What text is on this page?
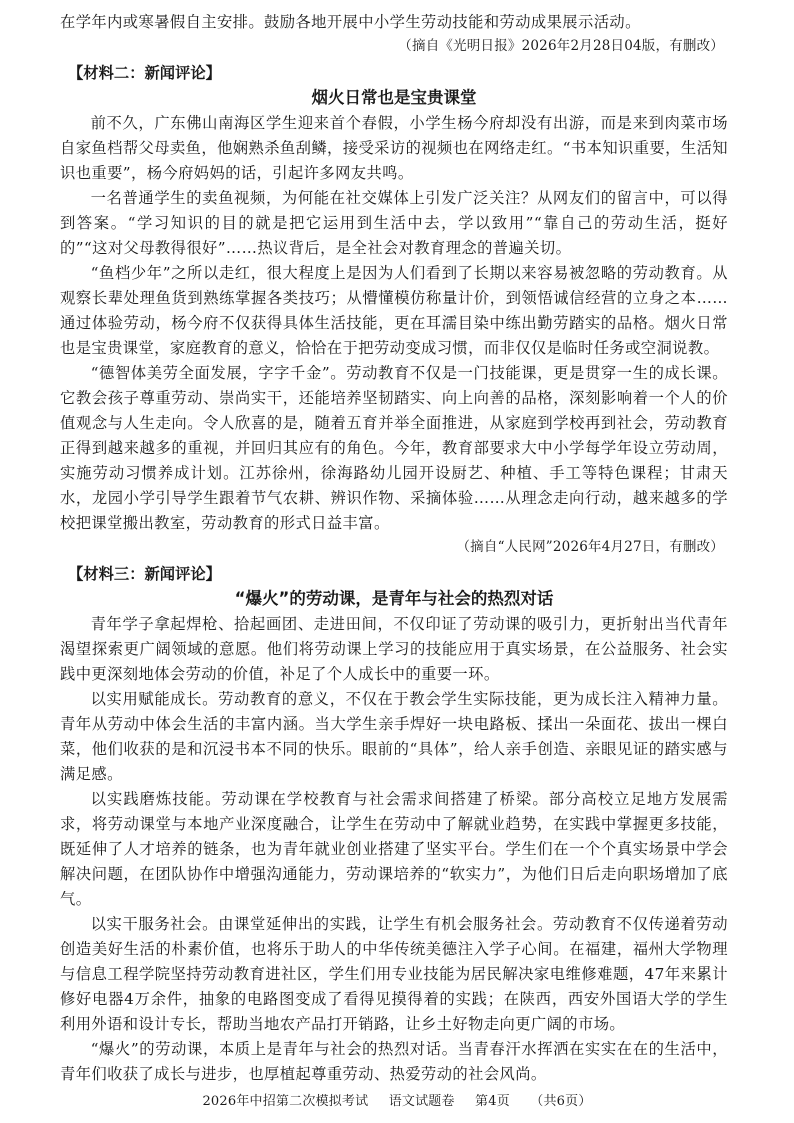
在学年内或寒暑假自主安排。鼓励各地开展中小学生劳动技能和劳动成果展示活动。

（摘自《光明日报》2026年2月28日04版，有删改）

【材料二：新闻评论】
烟火日常也是宝贵课堂

前不久，广东佛山南海区学生迎来首个春假，小学生杨今府却没有出游，而是来到肉菜市场自家鱼档帮父母卖鱼，他娴熟杀鱼刮鳞，接受采访的视频也在网络走红。“书本知识重要，生活知识也重要”，杨今府妈妈的话，引起许多网友共鸣。

一名普通学生的卖鱼视频，为何能在社交媒体上引发广泛关注？从网友们的留言中，可以得到答案。“学习知识的目的就是把它运用到生活中去，学以致用”“靠自己的劳动生活，挺好的”“这对父母教得很好”……热议背后，是全社会对教育理念的普遍关切。

“鱼档少年”之所以走红，很大程度上是因为人们看到了长期以来容易被忽略的劳动教育。从观察长辈处理鱼货到熟练掌握各类技巧；从懵懂模仿称量计价，到领悟诚信经营的立身之本……通过体验劳动，杨今府不仅获得具体生活技能，更在耳濡目染中练出勤劳踏实的品格。烟火日常也是宝贵课堂，家庭教育的意义，恰恰在于把劳动变成习惯，而非仅仅是临时任务或空洞说教。

“德智体美劳全面发展，字字千金”。劳动教育不仅是一门技能课，更是贯穿一生的成长课。它教会孩子尊重劳动、崇尚实干，还能培养坚韧踏实、向上向善的品格，深刻影响着一个人的价值观念与人生走向。令人欣喜的是，随着五育并举全面推进，从家庭到学校再到社会，劳动教育正得到越来越多的重视，并回归其应有的角色。今年，教育部要求大中小学每学年设立劳动周，实施劳动习惯养成计划。江苏徐州，徐海路幼儿园开设厨艺、种植、手工等特色课程；甘肃天水，龙园小学引导学生跟着节气农耕、辨识作物、采摘体验……从理念走向行动，越来越多的学校把课堂搬出教室，劳动教育的形式日益丰富。

（摘自“人民网”2026年4月27日，有删改）

【材料三：新闻评论】
“爆火”的劳动课，是青年与社会的热烈对话

青年学子拿起焊枪、拾起画团、走进田间，不仅印证了劳动课的吸引力，更折射出当代青年渴望探索更广阔领域的意愿。他们将劳动课上学习的技能应用于真实场景，在公益服务、社会实践中更深刻地体会劳动的价值，补足了个人成长中的重要一环。

以实用赋能成长。劳动教育的意义，不仅在于教会学生实际技能，更为成长注入精神力量。青年从劳动中体会生活的丰富内涵。当大学生亲手焊好一块电路板、揉出一朵面花、拔出一棵白菜，他们收获的是和沉浸书本不同的快乐。眼前的“具体”，给人亲手创造、亲眼见证的踏实感与满足感。

以实践磨炼技能。劳动课在学校教育与社会需求间搭建了桥梁。部分高校立足地方发展需求，将劳动课堂与本地产业深度融合，让学生在劳动中了解就业趋势，在实践中掌握更多技能，既延伸了人才培养的链条，也为青年就业创业搭建了坚实平台。学生们在一个个真实场景中学会解决问题，在团队协作中增强沟通能力，劳动课培养的“软实力”，为他们日后走向职场增加了底气。

以实干服务社会。由课堂延伸出的实践，让学生有机会服务社会。劳动教育不仅传递着劳动创造美好生活的朴素价值，也将乐于助人的中华传统美德注入学子心间。在福建，福州大学物理与信息工程学院坚持劳动教育进社区，学生们用专业技能为居民解决家电维修难题，47年来累计修好电器4万余件，抽象的电路图变成了看得见摸得着的实践；在陕西，西安外国语大学的学生利用外语和设计专长，帮助当地农产品打开销路，让乡土好物走向更广阔的市场。

“爆火”的劳动课，本质上是青年与社会的热烈对话。当青春汗水挥洒在实实在在的生活中，青年们收获了成长与进步，也厚植起尊重劳动、热爱劳动的社会风尚。

2026年中招第二次模拟考试 语文试题卷 第4页 （共6页）
